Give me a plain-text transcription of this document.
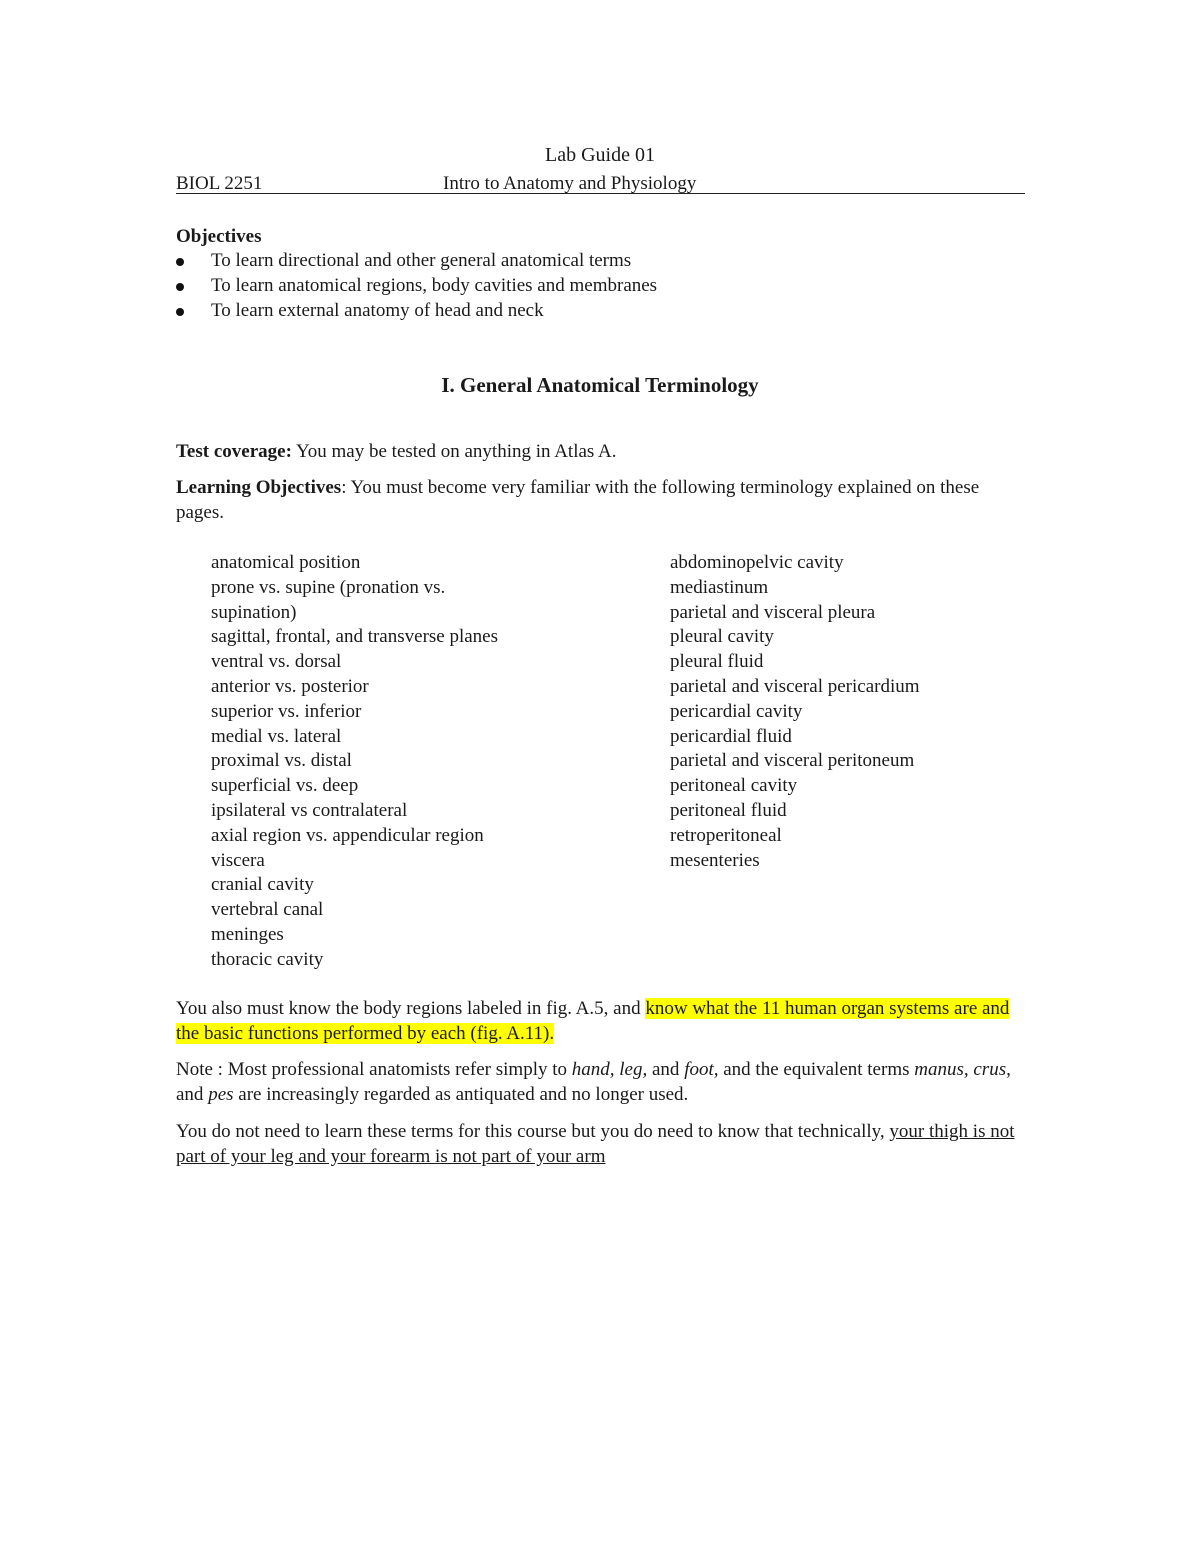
Lab Guide 01
BIOL 2251	Intro to Anatomy and Physiology
Objectives
To learn directional and other general anatomical terms
To learn anatomical regions, body cavities and membranes
To learn external anatomy of head and neck
I. General Anatomical Terminology
Test coverage: You may be tested on anything in Atlas A.
Learning Objectives: You must become very familiar with the following terminology explained on these pages.
anatomical position
prone vs. supine (pronation vs.
supination)
sagittal, frontal, and transverse planes
ventral vs. dorsal
anterior vs. posterior
superior vs. inferior
medial vs. lateral
proximal vs. distal
superficial vs. deep
ipsilateral vs contralateral
axial region vs. appendicular region
viscera
cranial cavity
vertebral canal
meninges
thoracic cavity
abdominopelvic cavity
mediastinum
parietal and visceral pleura
pleural cavity
pleural fluid
parietal and visceral pericardium
pericardial cavity
pericardial fluid
parietal and visceral peritoneum
peritoneal cavity
peritoneal fluid
retroperitoneal
mesenteries
You also must know the body regions labeled in fig. A.5, and know what the 11 human organ systems are and the basic functions performed by each (fig. A.11).
Note : Most professional anatomists refer simply to hand, leg, and foot, and the equivalent terms manus, crus, and pes are increasingly regarded as antiquated and no longer used.
You do not need to learn these terms for this course but you do need to know that technically, your thigh is not part of your leg and your forearm is not part of your arm
